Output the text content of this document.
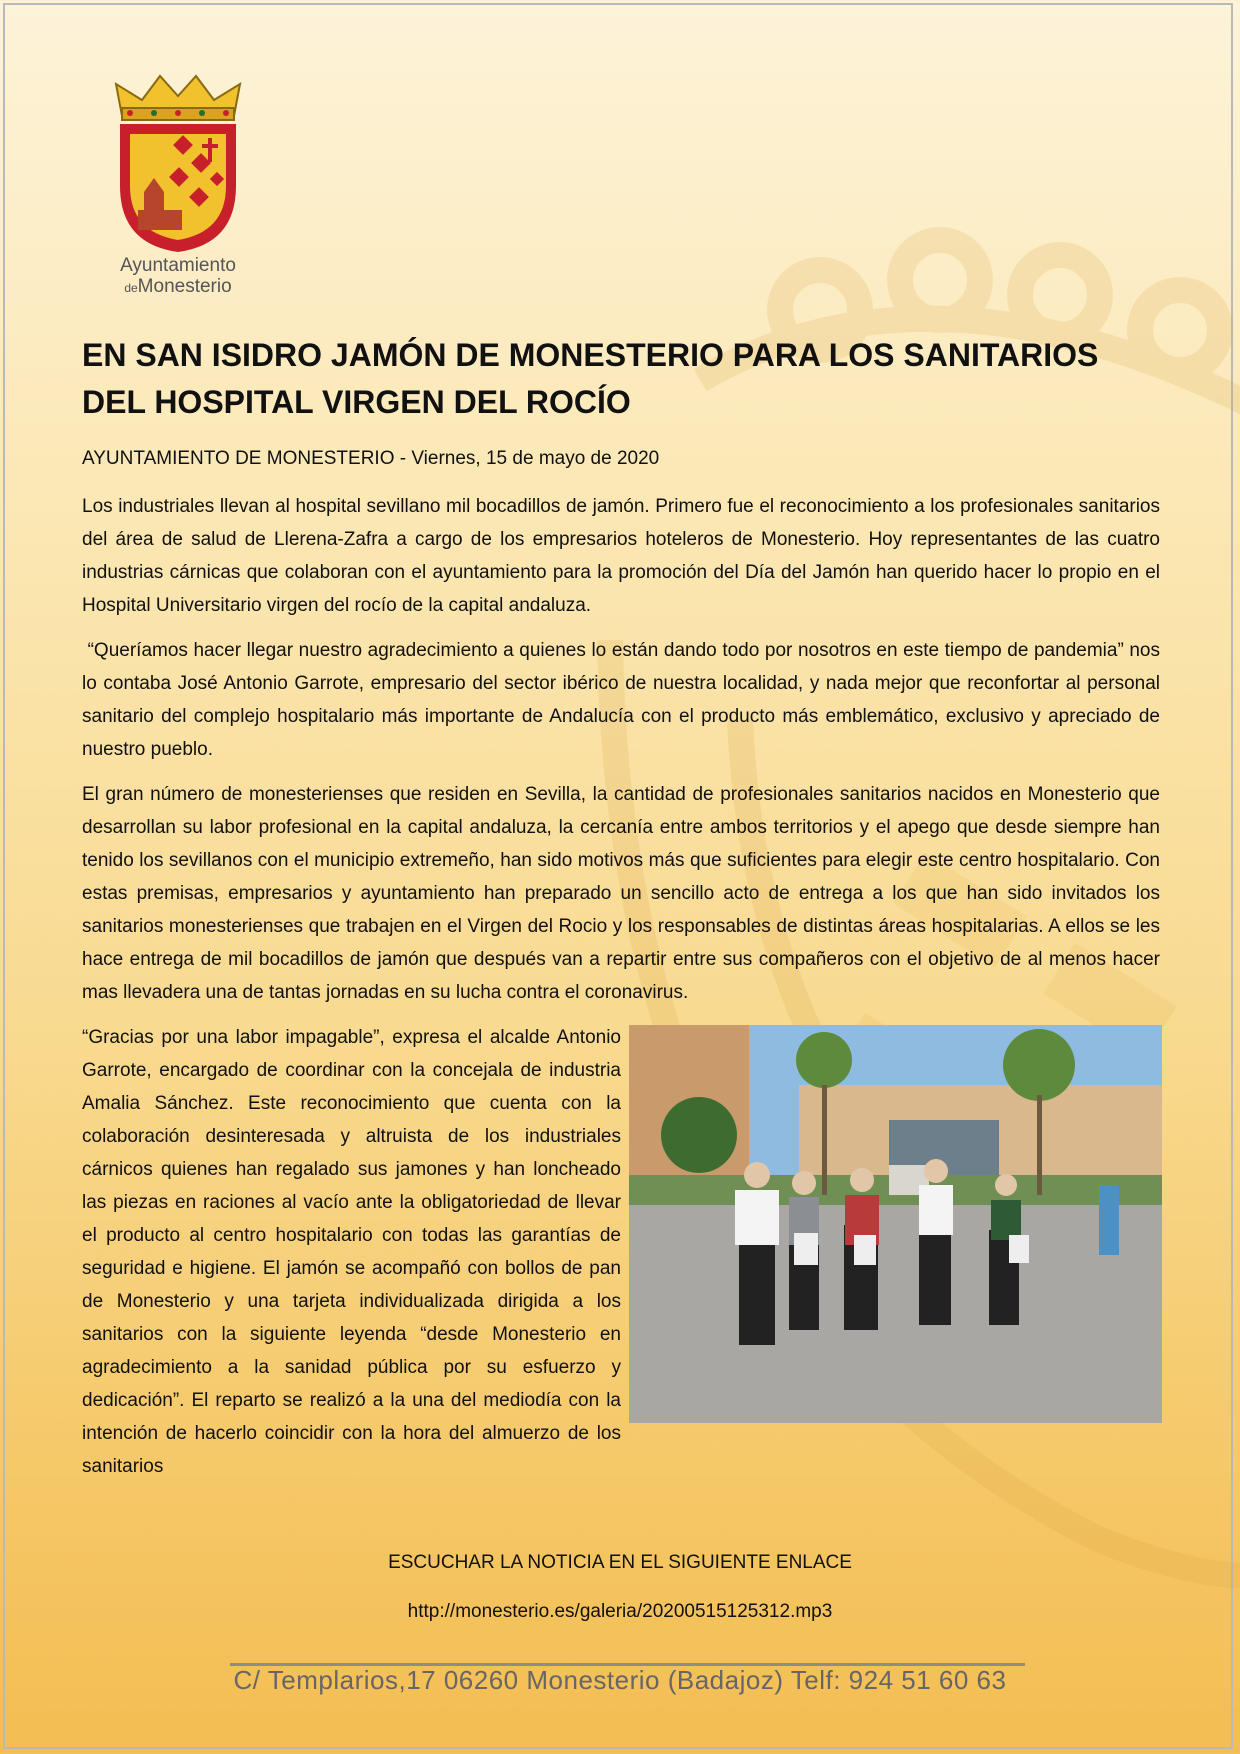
Ayuntamiento
deMonesterio
EN SAN ISIDRO JAMÓN DE MONESTERIO PARA LOS SANITARIOS DEL HOSPITAL VIRGEN DEL ROCÍO
AYUNTAMIENTO DE MONESTERIO - Viernes, 15 de mayo de 2020

Los industriales llevan al hospital sevillano mil bocadillos de jamón. Primero fue el reconocimiento a los profesionales sanitarios del área de salud de Llerena-Zafra a cargo de los empresarios hoteleros de Monesterio. Hoy representantes de las cuatro industrias cárnicas que colaboran con el ayuntamiento para la promoción del Día del Jamón han querido hacer lo propio en el Hospital Universitario virgen del rocío de la capital andaluza.

“Queríamos hacer llegar nuestro agradecimiento a quienes lo están dando todo por nosotros en este tiempo de pandemia” nos lo contaba José Antonio Garrote, empresario del sector ibérico de nuestra localidad, y nada mejor que reconfortar al personal sanitario del complejo hospitalario más importante de Andalucía con el producto más emblemático, exclusivo y apreciado de nuestro pueblo.

El gran número de monesterienses que residen en Sevilla, la cantidad de profesionales sanitarios nacidos en Monesterio que desarrollan su labor profesional en la capital andaluza, la cercanía entre ambos territorios y el apego que desde siempre han tenido los sevillanos con el municipio extremeño, han sido motivos más que suficientes para elegir este centro hospitalario. Con estas premisas, empresarios y ayuntamiento han preparado un sencillo acto de entrega a los que han sido invitados los sanitarios monesterienses que trabajen en el Virgen del Rocio y los responsables de distintas áreas hospitalarias. A ellos se les hace entrega de mil bocadillos de jamón que después van a repartir entre sus compañeros con el objetivo de al menos hacer mas llevadera una de tantas jornadas en su lucha contra el coronavirus.

“Gracias por una labor impagable”, expresa el alcalde Antonio Garrote, encargado de coordinar con la concejala de industria Amalia Sánchez. Este reconocimiento que cuenta con la colaboración desinteresada y altruista de los industriales cárnicos quienes han regalado sus jamones y han loncheado las piezas en raciones al vacío ante la obligatoriedad de llevar el producto al centro hospitalario con todas las garantías de seguridad e higiene. El jamón se acompañó con bollos de pan de Monesterio y una tarjeta individualizada dirigida a los sanitarios con la siguiente leyenda “desde Monesterio en agradecimiento a la sanidad pública por su esfuerzo y dedicación”. El reparto se realizó a la una del mediodía con la intención de hacerlo coincidir con la hora del almuerzo de los sanitarios

ESCUCHAR LA NOTICIA EN EL SIGUIENTE ENLACE
http://monesterio.es/galeria/20200515125312.mp3
C/ Templarios,17 06260 Monesterio (Badajoz) Telf: 924 51 60 63
